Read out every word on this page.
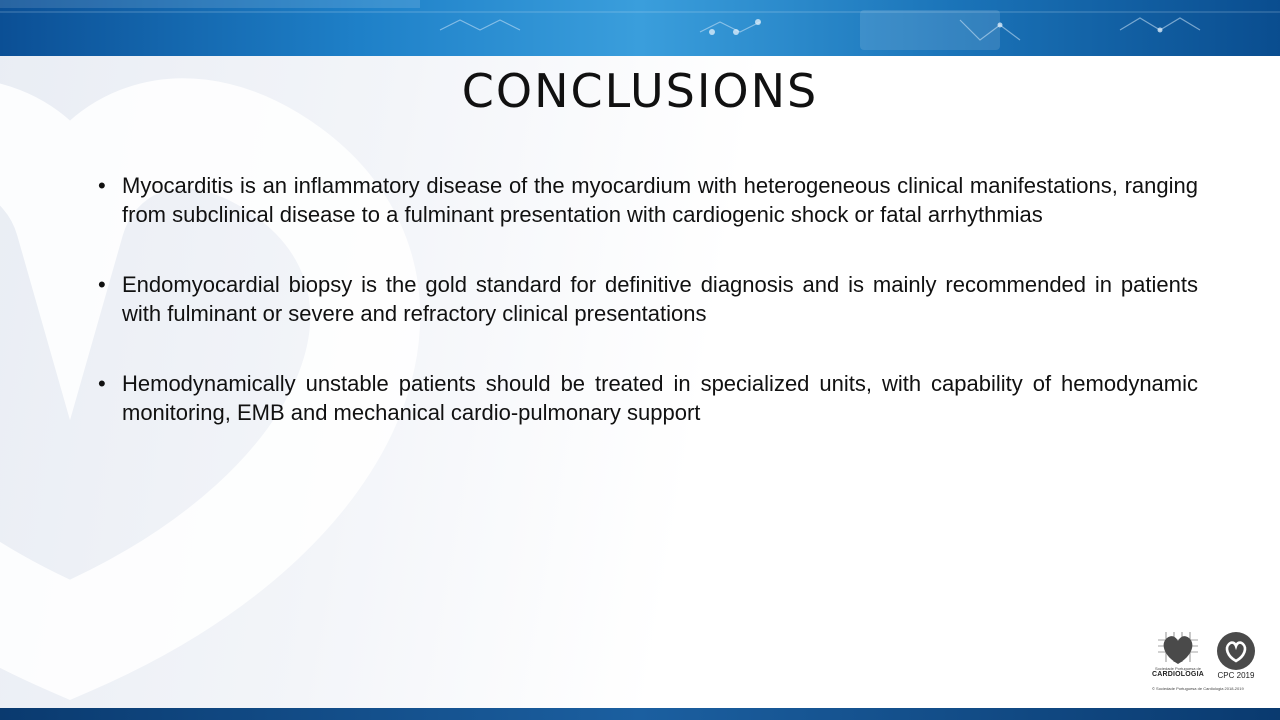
CONCLUSIONS
• Myocarditis is an inflammatory disease of the myocardium with heterogeneous clinical manifestations, ranging from subclinical disease to a fulminant presentation with cardiogenic shock or fatal arrhythmias
• Endomyocardial biopsy is the gold standard for definitive diagnosis and is mainly recommended in patients with fulminant or severe and refractory clinical presentations
• Hemodynamically unstable patients should be treated in specialized units, with capability of hemodynamic monitoring, EMB and mechanical cardio-pulmonary support
Sociedade Portuguesa de
CARDIOLOGIA
© Sociedade Portuguesa de Cardiologia 2018-2019
CPC 2019
